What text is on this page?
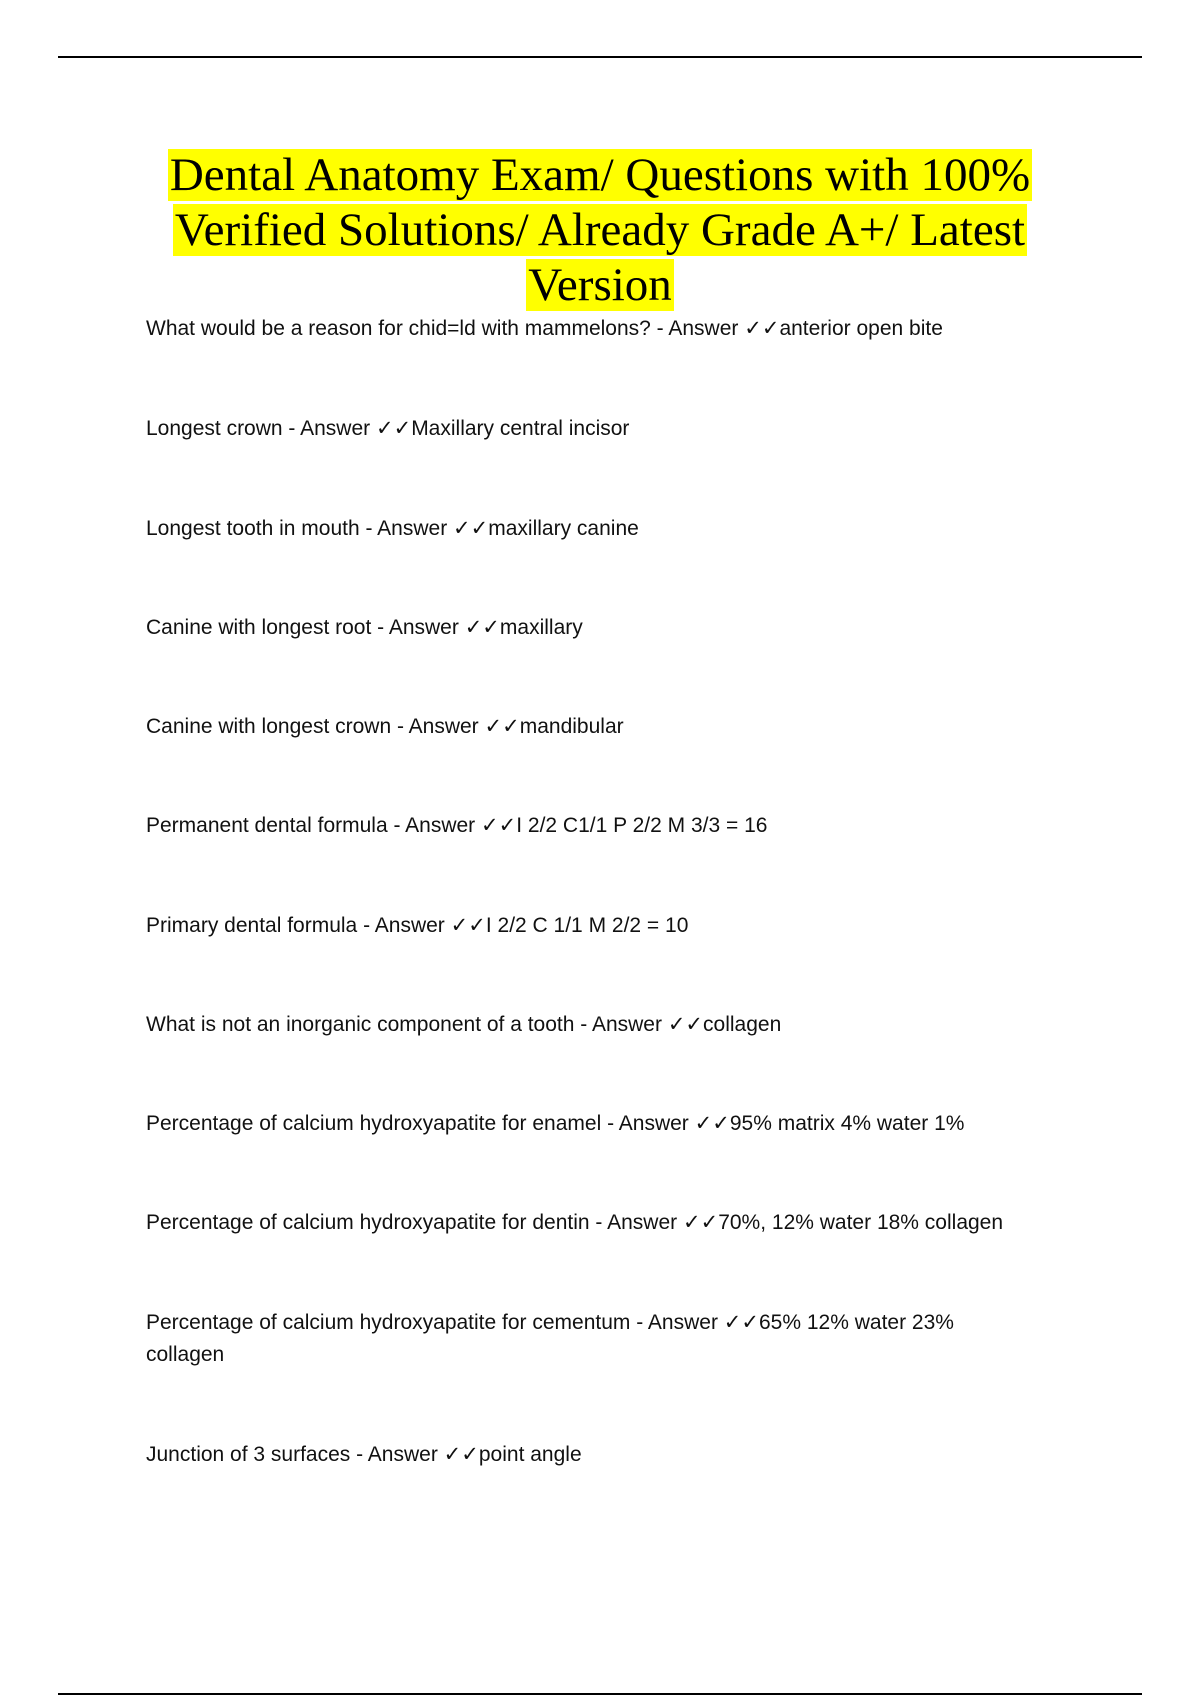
Dental Anatomy Exam/ Questions with 100% Verified Solutions/ Already Grade A+/ Latest Version
What would be a reason for chid=ld with mammelons? - Answer ✓✓anterior open bite
Longest crown - Answer ✓✓Maxillary central incisor
Longest tooth in mouth - Answer ✓✓maxillary canine
Canine with longest root - Answer ✓✓maxillary
Canine with longest crown - Answer ✓✓mandibular
Permanent dental formula - Answer ✓✓I 2/2 C1/1 P 2/2 M 3/3 = 16
Primary dental formula - Answer ✓✓I 2/2 C 1/1 M 2/2 = 10
What is not an inorganic component of a tooth - Answer ✓✓collagen
Percentage of calcium hydroxyapatite for enamel - Answer ✓✓95% matrix 4% water 1%
Percentage of calcium hydroxyapatite for dentin - Answer ✓✓70%, 12% water 18% collagen
Percentage of calcium hydroxyapatite for cementum - Answer ✓✓65% 12% water 23% collagen
Junction of 3 surfaces - Answer ✓✓point angle
